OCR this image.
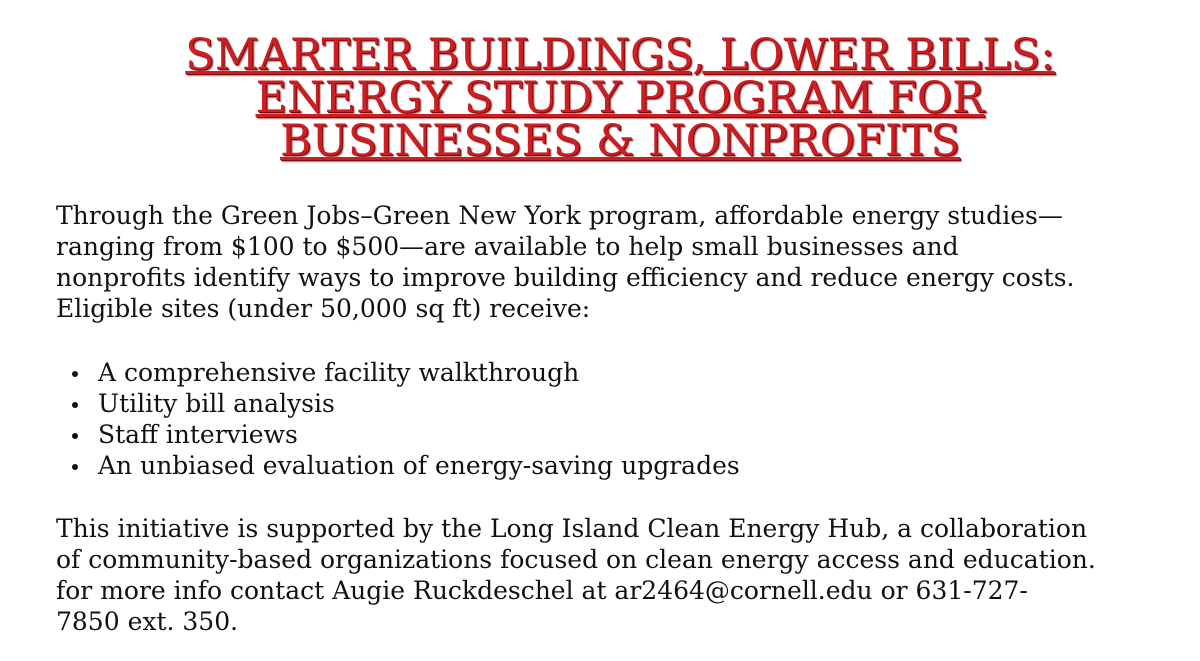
SMARTER BUILDINGS, LOWER BILLS:
ENERGY STUDY PROGRAM FOR
BUSINESSES & NONPROFITS

Through the Green Jobs–Green New York program, affordable energy studies—
ranging from $100 to $500—are available to help small businesses and
nonprofits identify ways to improve building efficiency and reduce energy costs.
Eligible sites (under 50,000 sq ft) receive:

A comprehensive facility walkthrough
Utility bill analysis
Staff interviews
An unbiased evaluation of energy-saving upgrades

This initiative is supported by the Long Island Clean Energy Hub, a collaboration
of community-based organizations focused on clean energy access and education.
for more info contact Augie Ruckdeschel at ar2464@cornell.edu or 631-727-
7850 ext. 350.
